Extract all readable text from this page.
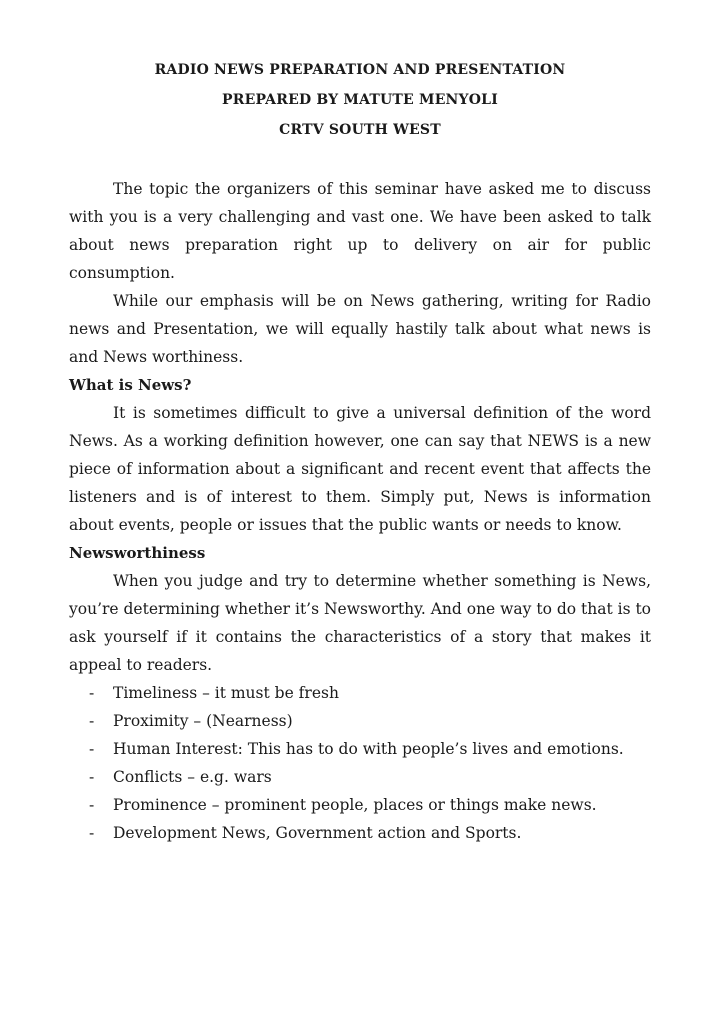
RADIO NEWS PREPARATION AND PRESENTATION
PREPARED BY MATUTE MENYOLI
CRTV SOUTH WEST

The topic the organizers of this seminar have asked me to discuss with you is a very challenging and vast one. We have been asked to talk about news preparation right up to delivery on air for public consumption.

While our emphasis will be on News gathering, writing for Radio news and Presentation, we will equally hastily talk about what news is and News worthiness.

What is News?

It is sometimes difficult to give a universal definition of the word News. As a working definition however, one can say that NEWS is a new piece of information about a significant and recent event that affects the listeners and is of interest to them. Simply put, News is information about events, people or issues that the public wants or needs to know.

Newsworthiness

When you judge and try to determine whether something is News, you’re determining whether it’s Newsworthy. And one way to do that is to ask yourself if it contains the characteristics of a story that makes it appeal to readers.

- Timeliness – it must be fresh
- Proximity – (Nearness)
- Human Interest: This has to do with people’s lives and emotions.
- Conflicts – e.g. wars
- Prominence – prominent people, places or things make news.
- Development News, Government action and Sports.
